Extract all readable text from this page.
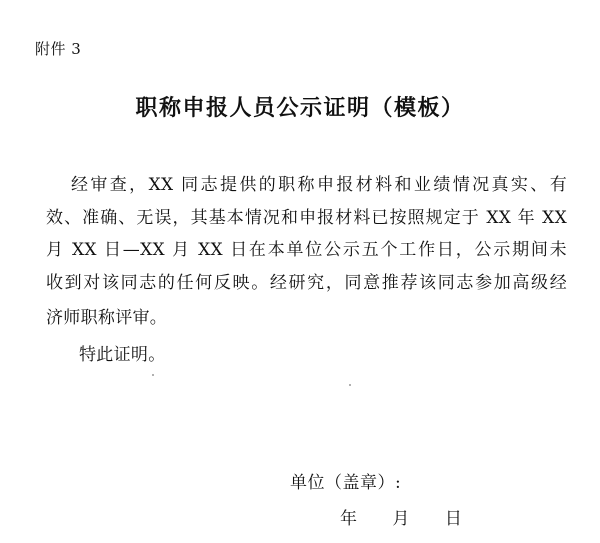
附件 3
职称申报人员公示证明（模板）
经审查，XX 同志提供的职称申报材料和业绩情况真实、有
效、准确、无误，其基本情况和申报材料已按照规定于 XX 年 XX
月 XX 日—XX 月 XX 日在本单位公示五个工作日，公示期间未
收到对该同志的任何反映。经研究，同意推荐该同志参加高级经
济师职称评审。
特此证明。
单位（盖章）:
年 月 日
